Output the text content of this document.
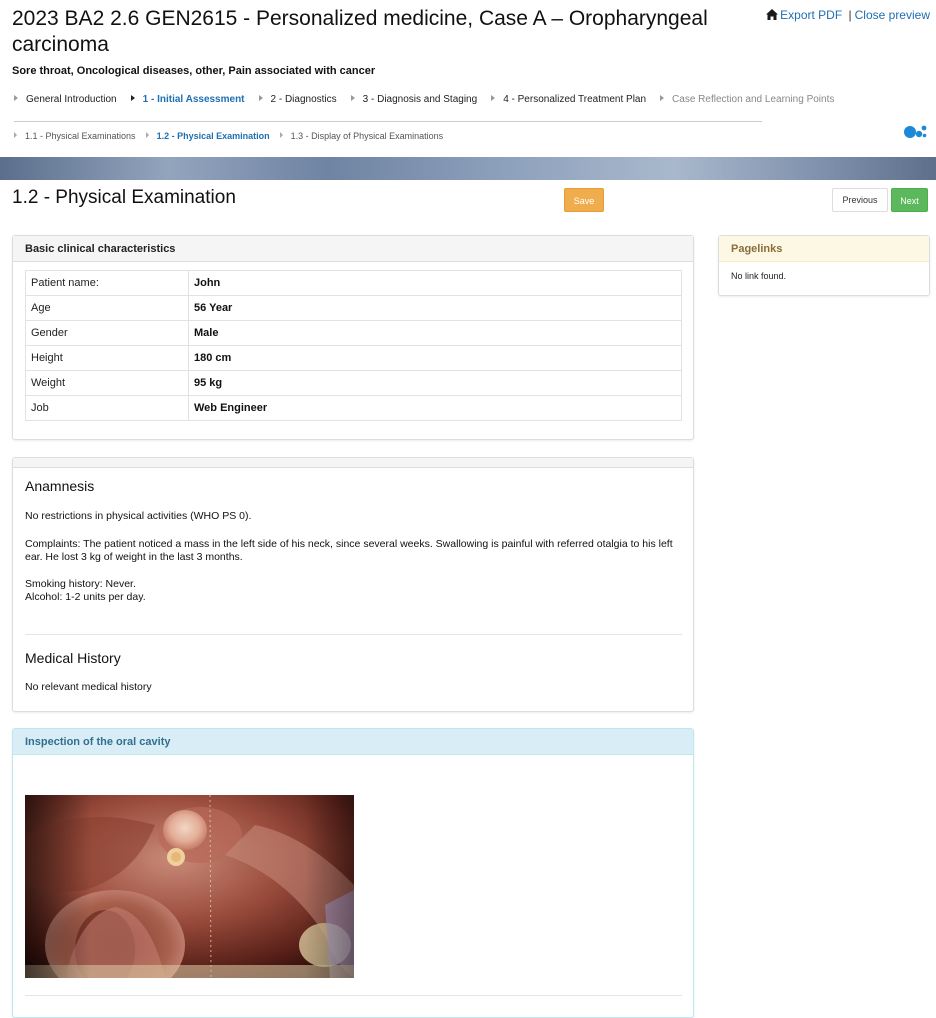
Export PDF | Close preview
2023 BA2 2.6 GEN2615 - Personalized medicine, Case A – Oropharyngeal carcinoma
Sore throat, Oncological diseases, other, Pain associated with cancer
General Introduction	1 - Initial Assessment	2 - Diagnostics	3 - Diagnosis and Staging	4 - Personalized Treatment Plan	Case Reflection and Learning Points
1.1 - Physical Examinations 1.2 - Physical Examination 1.3 - Display of Physical Examinations
1.2 - Physical Examination	Save	Previous	Next
Basic clinical characteristics
Patient name:	John
Age	56 Year
Gender	Male
Height	180 cm
Weight	95 kg
Job	Web Engineer
Anamnesis

No restrictions in physical activities (WHO PS 0).

Complaints: The patient noticed a mass in the left side of his neck, since several weeks. Swallowing is painful with referred otalgia to his left ear. He lost 3 kg of weight in the last 3 months.

Smoking history: Never.

Alcohol: 1-2 units per day.

Medical History

No relevant medical history

Pagelinks
No link found.
Inspection of the oral cavity
